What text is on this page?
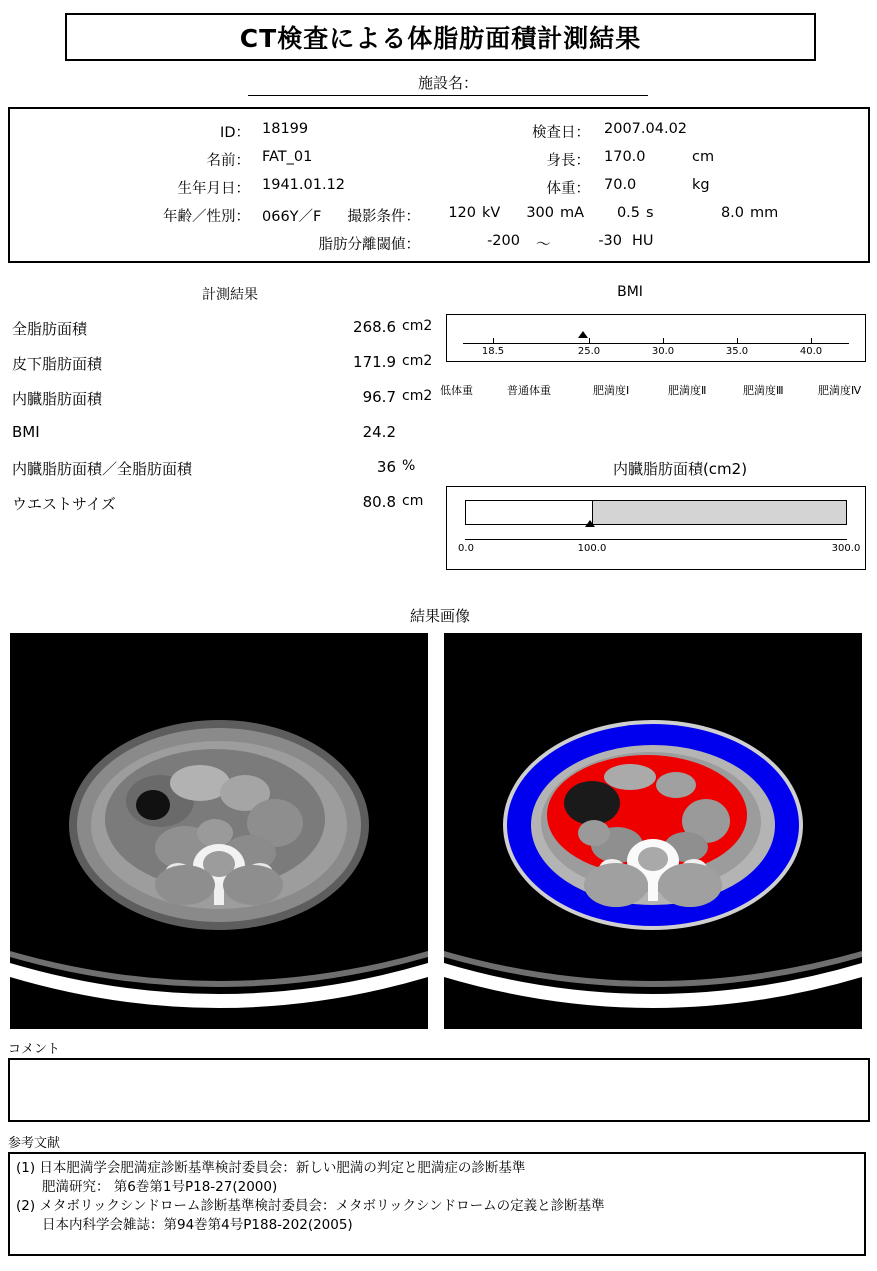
CT検査による体脂肪面積計測結果
施設名：
ID： 18199
名前： FAT_01
生年月日： 1941.01.12
年齢／性別： 066Y／F
検査日： 2007.04.02
身長： 170.0	cm
体重： 70.0	kg
撮影条件：	120 kV	300 mA	0.5 s	8.0 mm
脂肪分離閾値：	-200 〜	-30 HU
計測結果	BMI
内臓脂肪面積(cm2)
結果画像
全脂肪面積	268.6 cm2
皮下脂肪面積	171.9 cm2
内臓脂肪面積	96.7 cm2
BMI	24.2
内臓脂肪面積／全脂肪面積	36 %
ウエストサイズ	80.8 cm
18.5	25.0	30.0	35.0	40.0
低体重	普通体重	肥満度Ⅰ	肥満度Ⅱ	肥満度Ⅲ	肥満度Ⅳ
0.0	100.0	300.0
コメント
参考文献
(1) 日本肥満学会肥満症診断基準検討委員会：新しい肥満の判定と肥満症の診断基準
肥満研究： 第6巻第1号P18-27(2000)
(2) メタボリックシンドローム診断基準検討委員会：メタボリックシンドロームの定義と診断基準
日本内科学会雑誌：第94巻第4号P188-202(2005)
